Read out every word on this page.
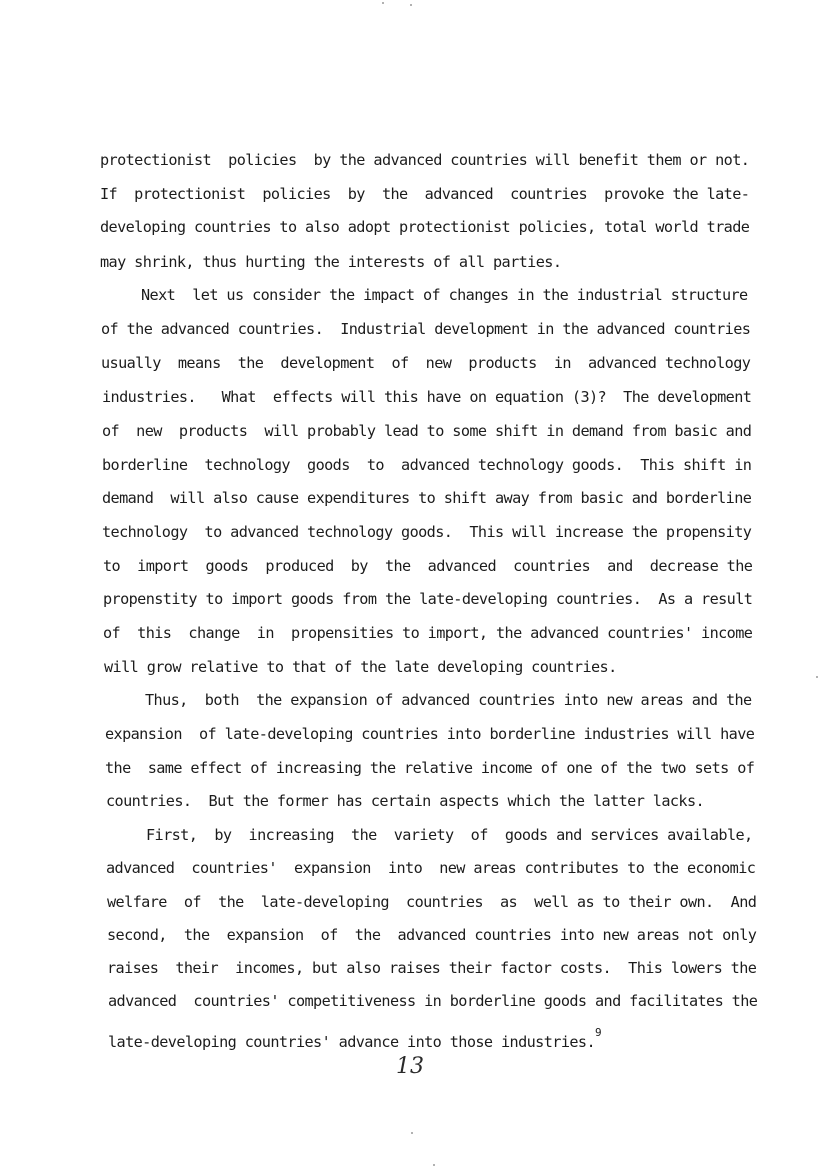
protectionist  policies  by the advanced countries will benefit them or not.
If  protectionist  policies  by  the  advanced  countries  provoke the late-
developing countries to also adopt protectionist policies, total world trade
may shrink, thus hurting the interests of all parties.
Next  let us consider the impact of changes in the industrial structure
of the advanced countries.  Industrial development in the advanced countries
usually  means  the  development  of  new  products  in  advanced technology
industries.   What  effects will this have on equation (3)?  The development
of  new  products  will probably lead to some shift in demand from basic and
borderline  technology  goods  to  advanced technology goods.  This shift in
demand  will also cause expenditures to shift away from basic and borderline
technology  to advanced technology goods.  This will increase the propensity
to  import  goods  produced  by  the  advanced  countries  and  decrease the
propenstity to import goods from the late-developing countries.  As a result
of  this  change  in  propensities to import, the advanced countries' income
will grow relative to that of the late developing countries.
Thus,  both  the expansion of advanced countries into new areas and the
expansion  of late-developing countries into borderline industries will have
the  same effect of increasing the relative income of one of the two sets of
countries.  But the former has certain aspects which the latter lacks.
First,  by  increasing  the  variety  of  goods and services available,
advanced  countries'  expansion  into  new areas contributes to the economic
welfare  of  the  late-developing  countries  as  well as to their own.  And
second,  the  expansion  of  the  advanced countries into new areas not only
raises  their  incomes, but also raises their factor costs.  This lowers the
advanced  countries' competitiveness in borderline goods and facilitates the
late-developing countries' advance into those industries.$^9$
13
